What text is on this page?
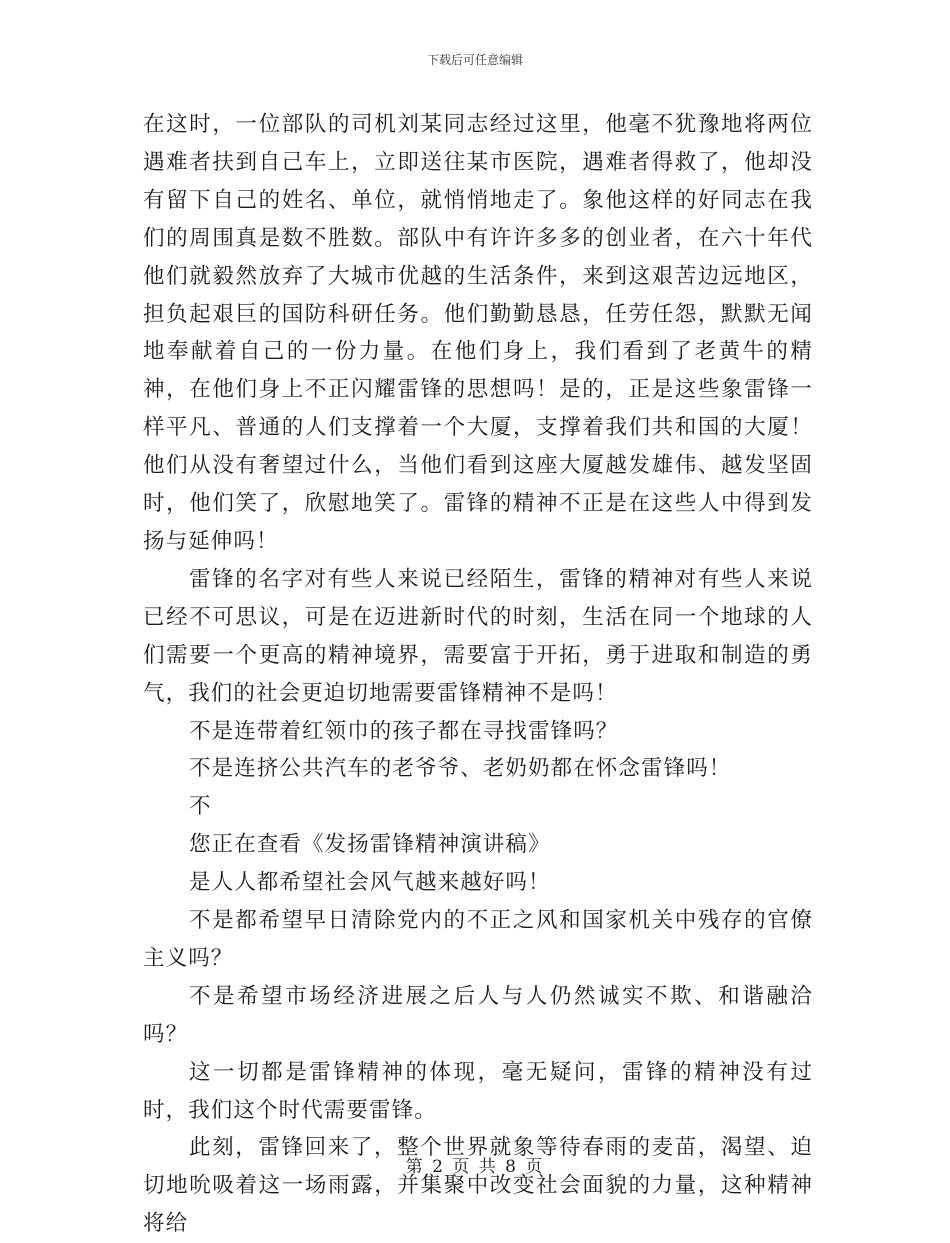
下载后可任意编辑

在这时，一位部队的司机刘某同志经过这里，他毫不犹豫地将两位遇难者扶到自己车上，立即送往某市医院，遇难者得救了，他却没有留下自己的姓名、单位，就悄悄地走了。象他这样的好同志在我们的周围真是数不胜数。部队中有许许多多的创业者，在六十年代他们就毅然放弃了大城市优越的生活条件，来到这艰苦边远地区，担负起艰巨的国防科研任务。他们勤勤恳恳，任劳任怨，默默无闻地奉献着自己的一份力量。在他们身上，我们看到了老黄牛的精神，在他们身上不正闪耀雷锋的思想吗！是的，正是这些象雷锋一样平凡、普通的人们支撑着一个大厦，支撑着我们共和国的大厦！他们从没有奢望过什么，当他们看到这座大厦越发雄伟、越发坚固时，他们笑了，欣慰地笑了。雷锋的精神不正是在这些人中得到发扬与延伸吗！

雷锋的名字对有些人来说已经陌生，雷锋的精神对有些人来说已经不可思议，可是在迈进新时代的时刻，生活在同一个地球的人们需要一个更高的精神境界，需要富于开拓，勇于进取和制造的勇气，我们的社会更迫切地需要雷锋精神不是吗！

不是连带着红领巾的孩子都在寻找雷锋吗？

不是连挤公共汽车的老爷爷、老奶奶都在怀念雷锋吗！

不

您正在查看《发扬雷锋精神演讲稿》

是人人都希望社会风气越来越好吗！

不是都希望早日清除党内的不正之风和国家机关中残存的官僚主义吗？

不是希望市场经济进展之后人与人仍然诚实不欺、和谐融洽吗？

这一切都是雷锋精神的体现，毫无疑问，雷锋的精神没有过时，我们这个时代需要雷锋。

此刻，雷锋回来了，整个世界就象等待春雨的麦苗，渴望、迫切地吮吸着这一场雨露，并集聚中改变社会面貌的力量，这种精神将给

第 2 页 共 8 页
